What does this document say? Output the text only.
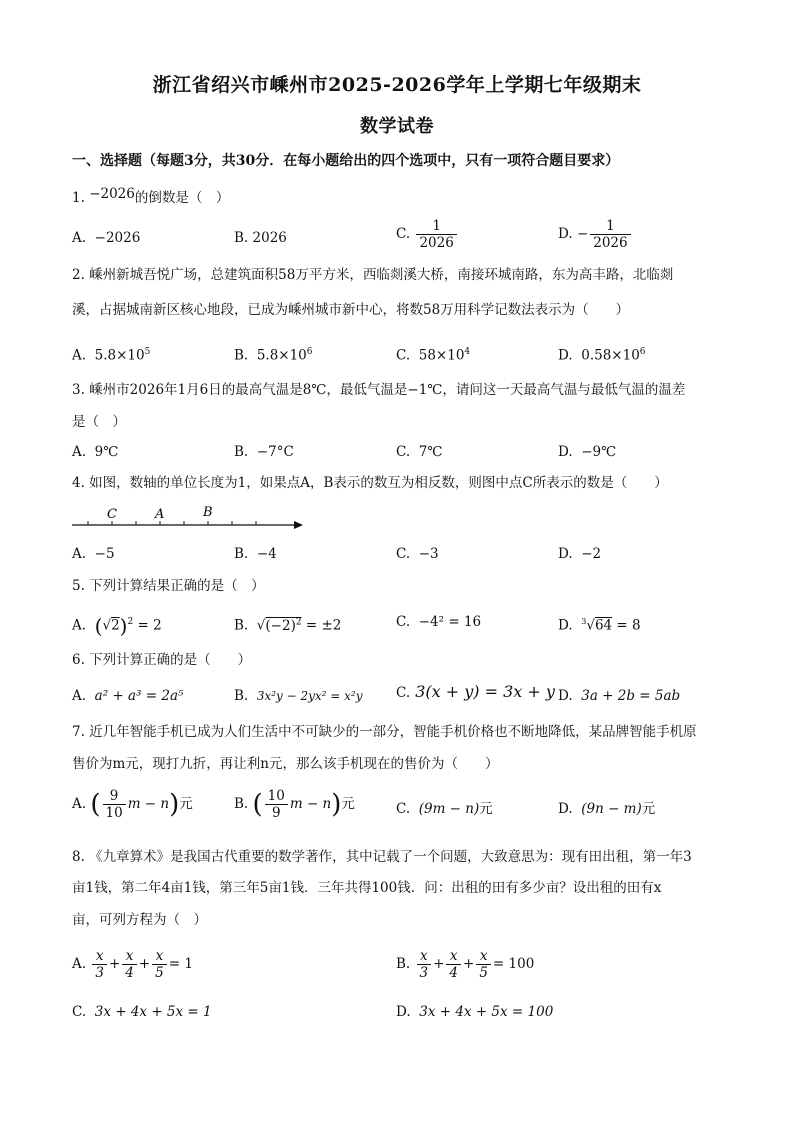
浙江省绍兴市嵊州市2025-2026学年上学期七年级期末
数学试卷
一、选择题（每题3分，共30分．在每小题给出的四个选项中，只有一项符合题目要求）
1. −2026的倒数是（　）
A. −2026	B. 2026	C. $\frac{1}{2026}$	D. − $\frac{1}{2026}$
2. 嵊州新城吾悦广场，总建筑面积58万平方米，西临剡溪大桥，南接环城南路，东为高丰路，北临剡
溪，占据城南新区核心地段，已成为嵊州城市新中心，将数58万用科学记数法表示为（　　）
A. $5.8\times 10^5$	B. $5.8\times 10^6$	C. $58\times 10^4$	D. $0.58\times 10^6$
3. 嵊州市2026年1月6日的最高气温是8℃，最低气温是−1℃，请问这一天最高气温与最低气温的温差
是（　）
A. 9℃	B. −7°C	C. 7℃	D. −9℃
4. 如图，数轴的单位长度为1，如果点A，B表示的数互为相反数，则图中点C所表示的数是（　　）
C	A	B
A. −5	B. −4	C. −3	D. −2
5. 下列计算结果正确的是（　）
A. $(√2)^2 = 2$	B.  $√(-2)^2 = \pm 2$	C. −4² = 16	D. $^3$√64 = 8
6. 下列计算正确的是（　　）
A. a² + a³ = 2a⁵	B. 3x²y − 2yx² = x²y C. 3(x + y) = 3x + y D. 3a + 2b = 5ab
7. 近几年智能手机已成为人们生活中不可缺少的一部分，智能手机价格也不断地降低，某品牌智能手机原
售价为m元，现打九折，再让利n元，那么该手机现在的售价为（　　）
A. ( $\frac{9}{10}$ m − n)元	B. ( $\frac{10}{9}$ m − n)元	C. (9m − n)元	D. (9n − m)元
8. 《九章算术》是我国古代重要的数学著作，其中记载了一个问题，大致意思为：现有田出租，第一年3
亩1钱，第二年4亩1钱，第三年5亩1钱．三年共得100钱．问：出租的田有多少亩？设出租的田有x
亩，可列方程为（　）
A. $\frac{x}{3} + \frac{x}{4} + \frac{x}{5} = 1$	B. $\frac{x}{3} + \frac{x}{4} + \frac{x}{5} = 100$
C. 3x + 4x + 5x = 1	D. 3x + 4x + 5x = 100
